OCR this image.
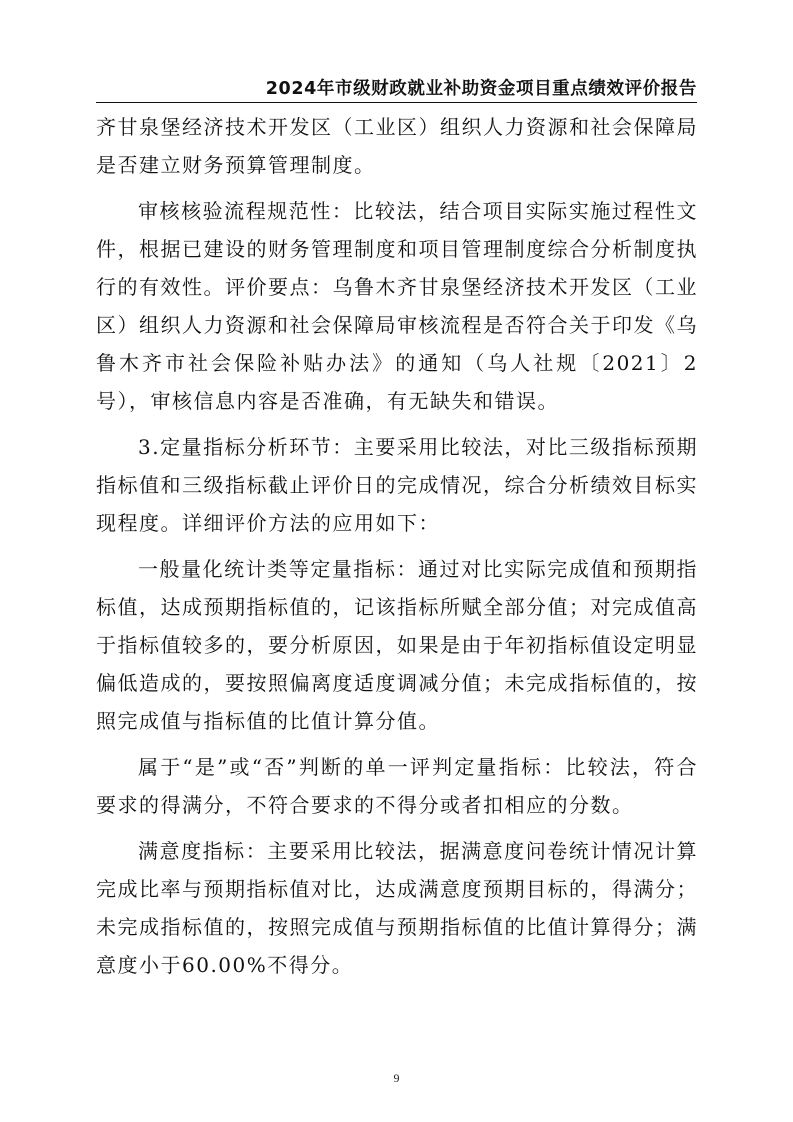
2024年市级财政就业补助资金项目重点绩效评价报告

齐甘泉堡经济技术开发区（工业区）组织人力资源和社会保障局是否建立财务预算管理制度。

审核核验流程规范性：比较法，结合项目实际实施过程性文件，根据已建设的财务管理制度和项目管理制度综合分析制度执行的有效性。评价要点：乌鲁木齐甘泉堡经济技术开发区（工业区）组织人力资源和社会保障局审核流程是否符合关于印发《乌鲁木齐市社会保险补贴办法》的通知（乌人社规〔2021〕2号），审核信息内容是否准确，有无缺失和错误。

3.定量指标分析环节：主要采用比较法，对比三级指标预期指标值和三级指标截止评价日的完成情况，综合分析绩效目标实现程度。详细评价方法的应用如下：

一般量化统计类等定量指标：通过对比实际完成值和预期指标值，达成预期指标值的，记该指标所赋全部分值；对完成值高于指标值较多的，要分析原因，如果是由于年初指标值设定明显偏低造成的，要按照偏离度适度调减分值；未完成指标值的，按照完成值与指标值的比值计算分值。

属于“是”或“否”判断的单一评判定量指标：比较法，符合要求的得满分，不符合要求的不得分或者扣相应的分数。

满意度指标：主要采用比较法，据满意度问卷统计情况计算完成比率与预期指标值对比，达成满意度预期目标的，得满分；未完成指标值的，按照完成值与预期指标值的比值计算得分；满意度小于60.00%不得分。

9
